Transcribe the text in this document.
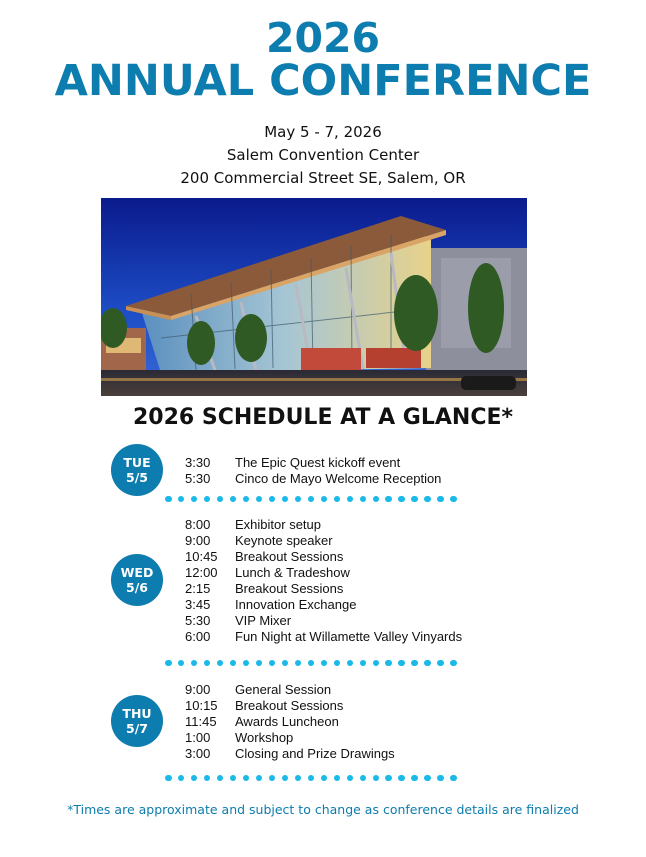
2026
ANNUAL CONFERENCE
May 5 - 7, 2026
Salem Convention Center
200 Commercial Street SE, Salem, OR
2026 SCHEDULE AT A GLANCE*
TUE
5/5
3:30	The Epic Quest kickoff event
5:30	Cinco de Mayo Welcome Reception
WED
5/6
8:00	Exhibitor setup
9:00	Keynote speaker
10:45	Breakout Sessions
12:00	Lunch & Tradeshow
2:15	Breakout Sessions
3:45	Innovation Exchange
5:30	VIP Mixer
6:00	Fun Night at Willamette Valley Vinyards
THU
5/7
9:00	General Session
10:15	Breakout Sessions
11:45	Awards Luncheon
1:00	Workshop
3:00	Closing and Prize Drawings
*Times are approximate and subject to change as conference details are finalized
